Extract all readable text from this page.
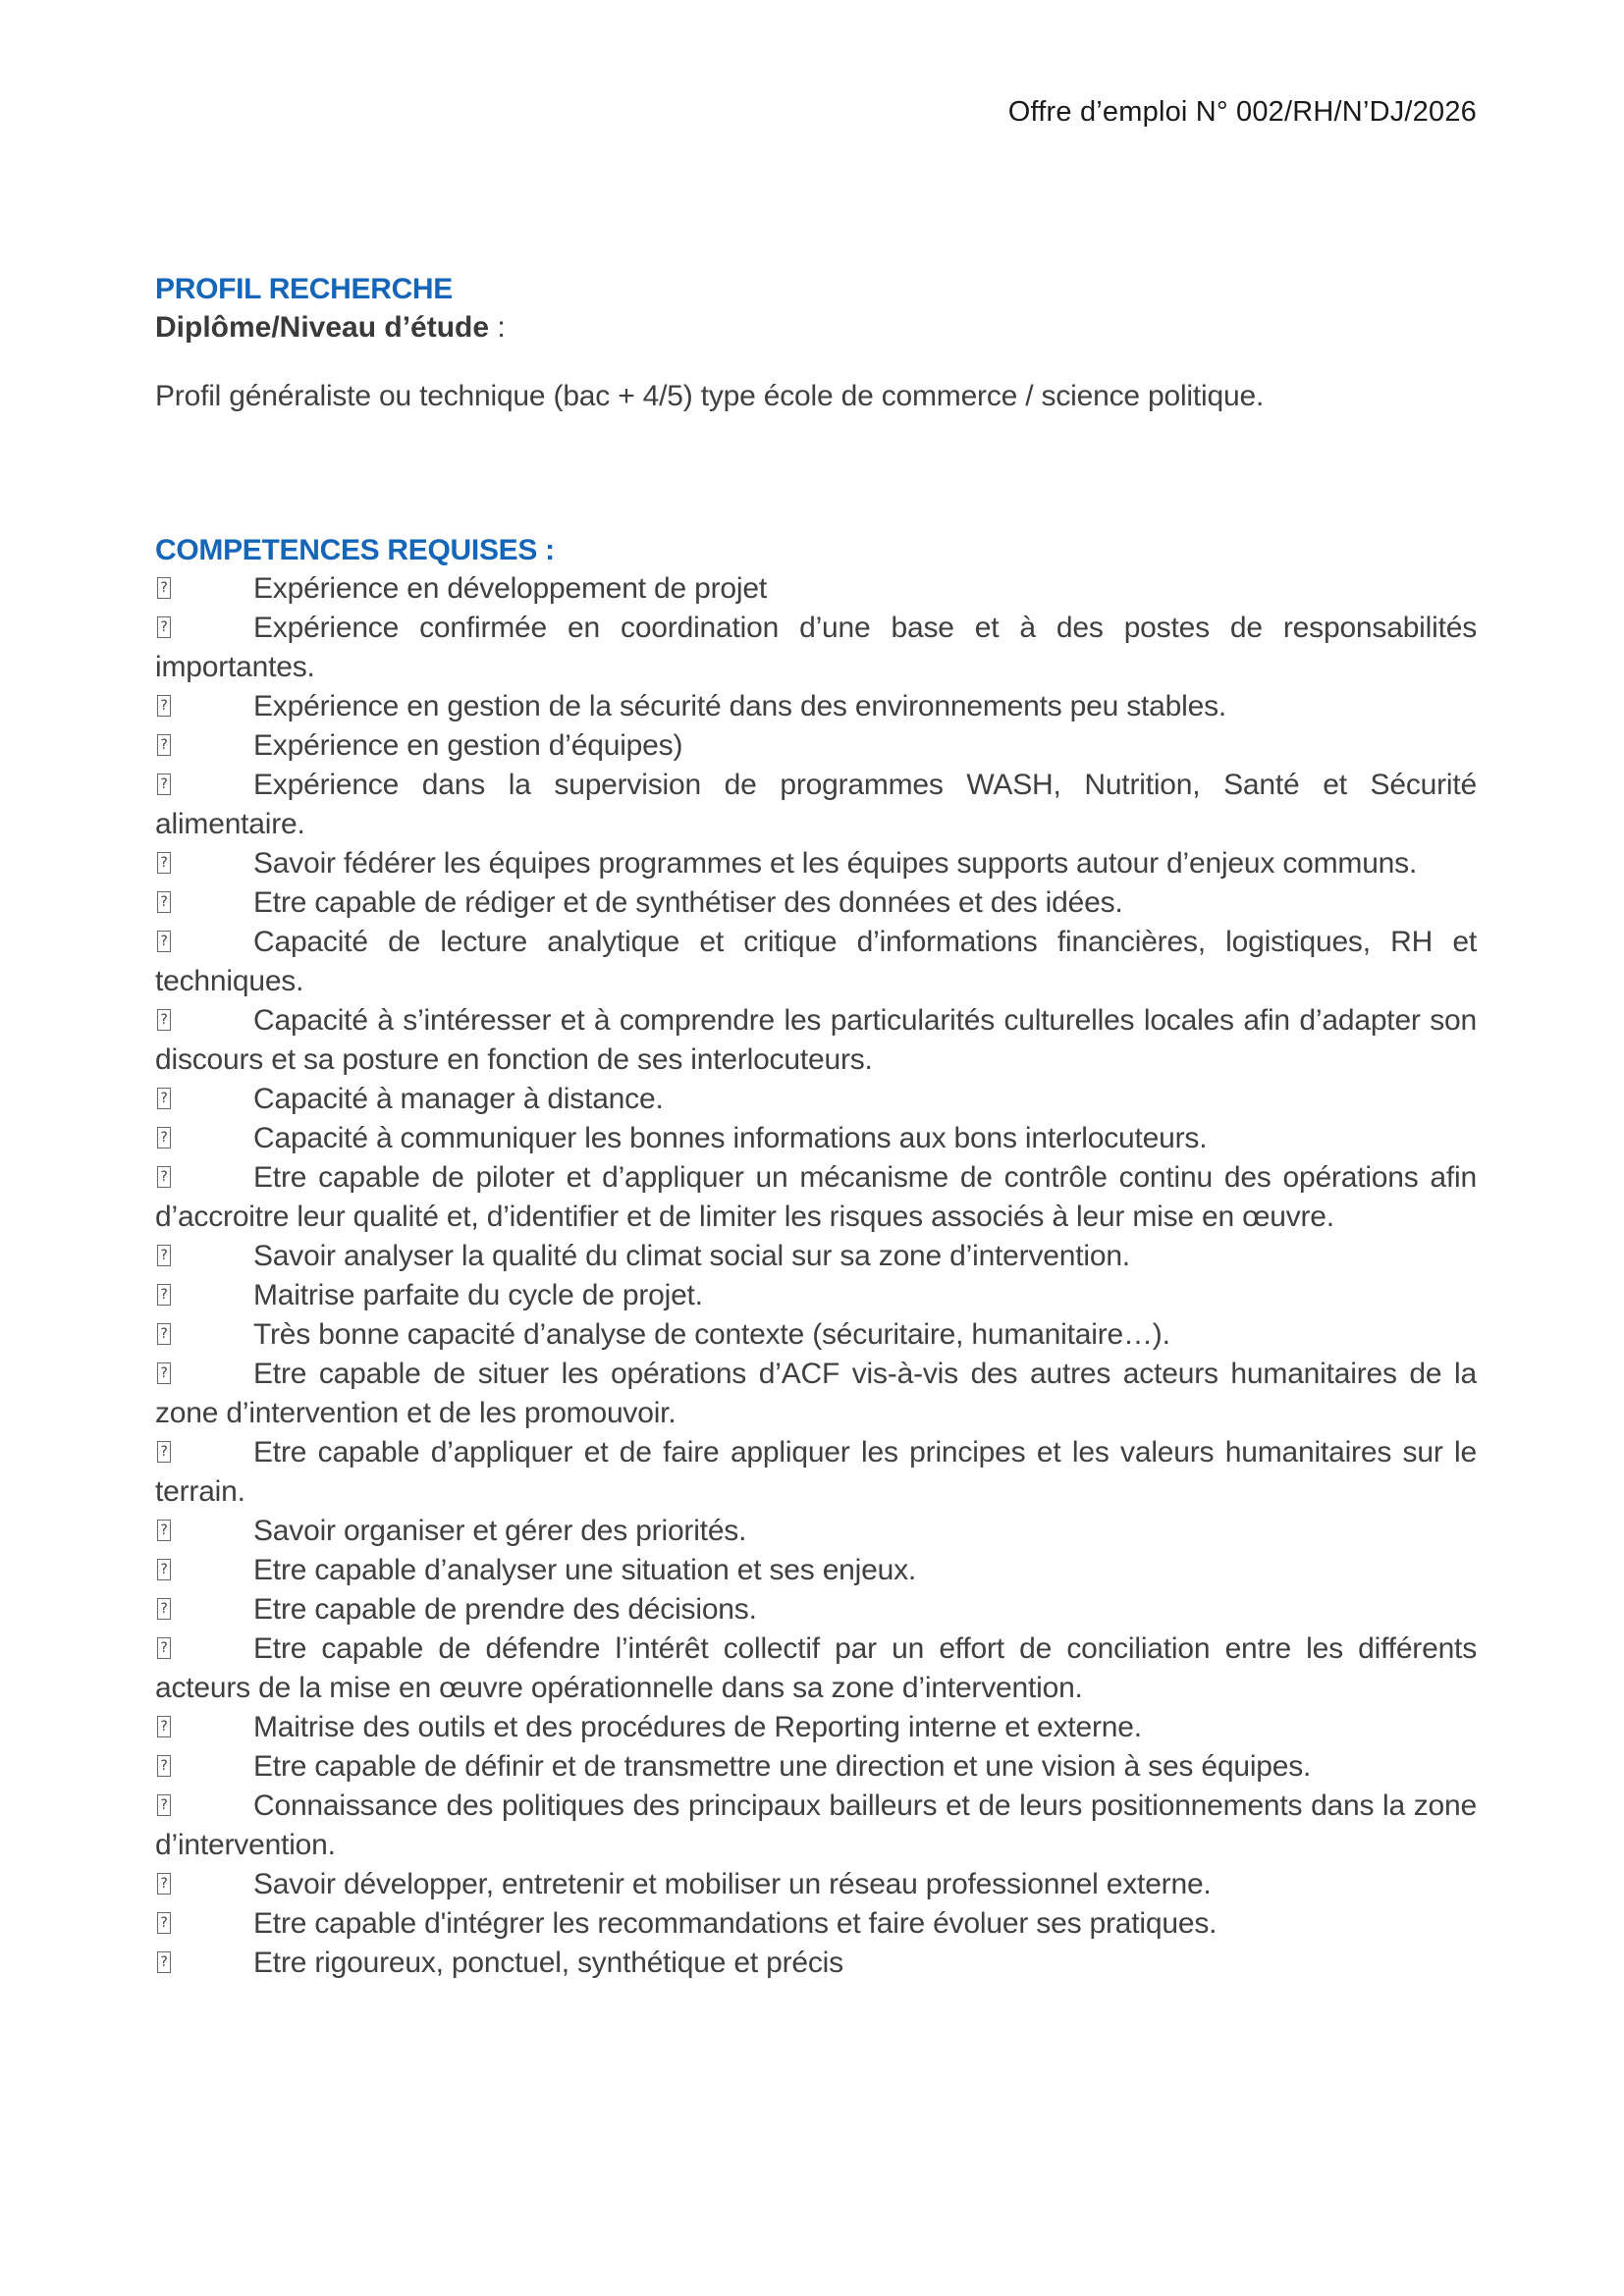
Offre d’emploi N° 002/RH/N’DJ/2026
PROFIL RECHERCHE

Diplôme/Niveau d’étude :

Profil généraliste ou technique (bac + 4/5) type école de commerce / science politique.

COMPETENCES REQUISES :
?	Expérience en développement de projet
?	Expérience confirmée en coordination d’une base et à des postes de responsabilités importantes.
?	Expérience en gestion de la sécurité dans des environnements peu stables.
?	Expérience en gestion d’équipes)
?	Expérience dans la supervision de programmes WASH, Nutrition, Santé et Sécurité alimentaire.
?	Savoir fédérer les équipes programmes et les équipes supports autour d’enjeux communs.
?	Etre capable de rédiger et de synthétiser des données et des idées.
?	Capacité de lecture analytique et critique d’informations financières, logistiques, RH et techniques.
?	Capacité à s’intéresser et à comprendre les particularités culturelles locales afin d’adapter son discours et sa posture en fonction de ses interlocuteurs.
?	Capacité à manager à distance.
?	Capacité à communiquer les bonnes informations aux bons interlocuteurs.
?	Etre capable de piloter et d’appliquer un mécanisme de contrôle continu des opérations afin d’accroitre leur qualité et, d’identifier et de limiter les risques associés à leur mise en œuvre.
?	Savoir analyser la qualité du climat social sur sa zone d’intervention.
?	Maitrise parfaite du cycle de projet.
?	Très bonne capacité d’analyse de contexte (sécuritaire, humanitaire…).
?	Etre capable de situer les opérations d’ACF vis-à-vis des autres acteurs humanitaires de la zone d’intervention et de les promouvoir.
?	Etre capable d’appliquer et de faire appliquer les principes et les valeurs humanitaires sur le terrain.
?	Savoir organiser et gérer des priorités.
?	Etre capable d’analyser une situation et ses enjeux.
?	Etre capable de prendre des décisions.
?	Etre capable de défendre l’intérêt collectif par un effort de conciliation entre les différents acteurs de la mise en œuvre opérationnelle dans sa zone d’intervention.
?	Maitrise des outils et des procédures de Reporting interne et externe.
?	Etre capable de définir et de transmettre une direction et une vision à ses équipes.
?	Connaissance des politiques des principaux bailleurs et de leurs positionnements dans la zone d’intervention.
?	Savoir développer, entretenir et mobiliser un réseau professionnel externe.
?	Etre capable d'intégrer les recommandations et faire évoluer ses pratiques.
?	Etre rigoureux, ponctuel, synthétique et précis
